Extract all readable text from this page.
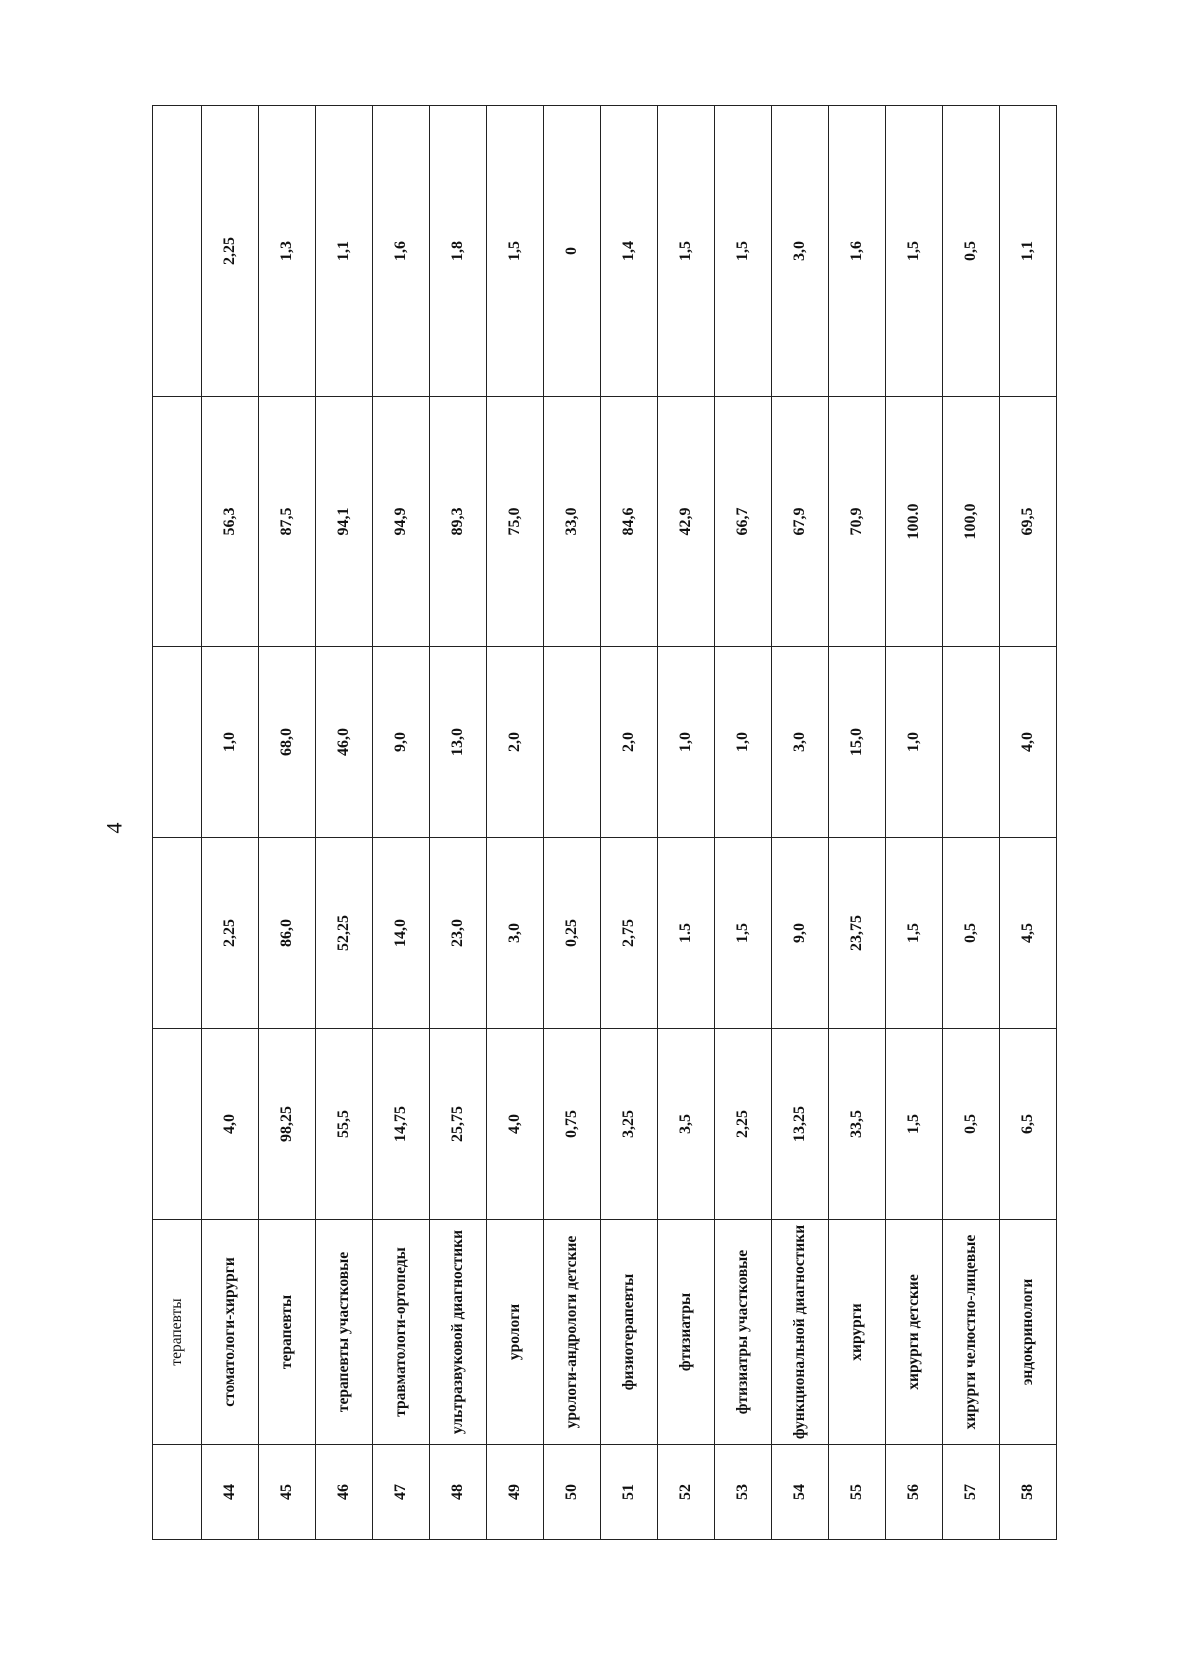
4
	терапевты					
44	стоматологи-хирурги	4,0	2,25	1,0	56,3	2,25
45	терапевты	98,25	86,0	68,0	87,5	1,3
46	терапевты участковые	55,5	52,25	46,0	94,1	1,1
47	травматологи-ортопеды	14,75	14,0	9,0	94,9	1,6
48	ультразвуковой диагностики	25,75	23,0	13,0	89,3	1,8
49	урологи	4,0	3,0	2,0	75,0	1,5
50	урологи-андрологи детские	0,75	0,25		33,0	0
51	физиотерапевты	3,25	2,75	2,0	84,6	1,4
52	фтизиатры	3,5	1.5	1,0	42,9	1,5
53	фтизиатры участковые	2,25	1,5	1,0	66,7	1,5
54	функциональной диагностики	13,25	9,0	3,0	67,9	3,0
55	хирурги	33,5	23,75	15,0	70,9	1,6
56	хирурги детские	1,5	1,5	1,0	100.0	1,5
57	хирурги челюстно-лицевые	0,5	0,5		100,0	0,5
58	эндокринологи	6,5	4,5	4,0	69,5	1,1
